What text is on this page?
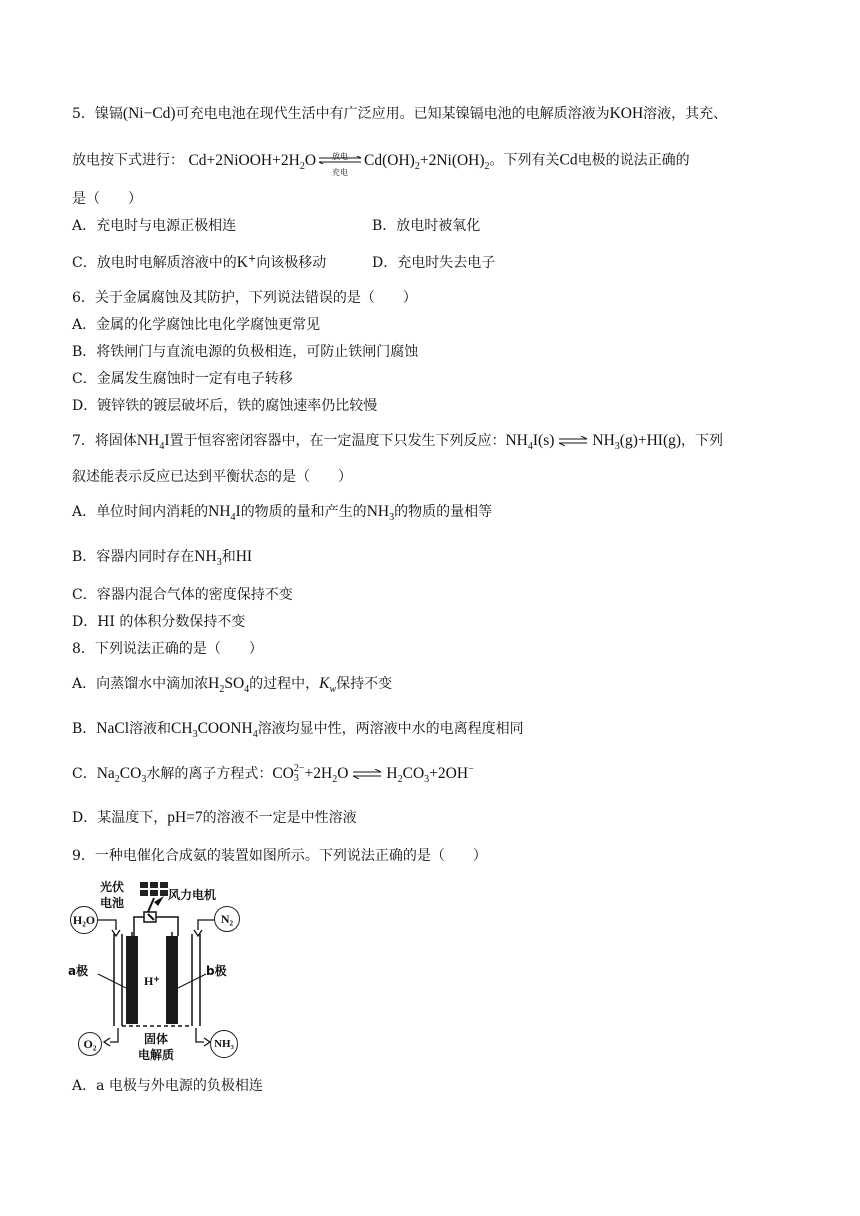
5．镍镉(Ni−Cd)可充电电池在现代生活中有广泛应用。已知某镍镉电池的电解质溶液为KOH溶液，其充、
放电按下式进行： $Cd+2NiOOH+2H_2O$	放电
充电
$Cd(OH)_2+2Ni(OH)_2$。下列有关Cd电极的说法正确的
是（　　）
A．充电时与电源正极相连	B．放电时被氧化
C．放电时电解质溶液中的K+向该极移动	D．充电时失去电子
6．关于金属腐蚀及其防护，下列说法错误的是（　　）
A．金属的化学腐蚀比电化学腐蚀更常见
B．将铁闸门与直流电源的负极相连，可防止铁闸门腐蚀
C．金属发生腐蚀时一定有电子转移
D．镀锌铁的镀层破坏后，铁的腐蚀速率仍比较慢
7．将固体$NH_4I$置于恒容密闭容器中，在一定温度下只发生下列反应：$NH_4I(s)$ ⇌ $NH_3(g)+HI(g)$，下列
叙述能表示反应已达到平衡状态的是（　　）
A．单位时间内消耗的$NH_4I$的物质的量和产生的$NH_3$的物质的量相等
B．容器内同时存在$NH_3$和HI
C．容器内混合气体的密度保持不变
D．HI 的体积分数保持不变
8．下列说法正确的是（　　）
A．向蒸馏水中滴加浓$H_2SO_4$的过程中，$K_w$保持不变
B．NaCl溶液和$CH_3COONH_4$溶液均显中性，两溶液中水的电离程度相同
C．$Na_2CO_3$水解的离子方程式：CO 2−
$3 +2H_2O$ ⇌ $H_2CO_3+2OH^-$
D．某温度下，pH=7的溶液不一定是中性溶液
9．一种电催化合成氨的装置如图所示。下列说法正确的是（　　）
光伏
电池
风力电机
H₂O	N₂
a极	b极
H⁺
O₂	NH₃
固体
电解质
A．a 电极与外电源的负极相连
